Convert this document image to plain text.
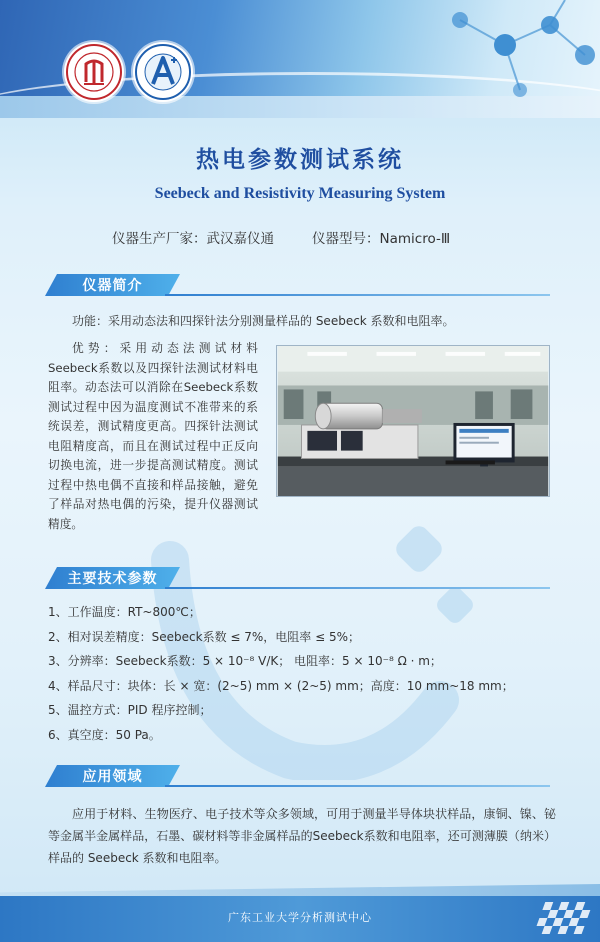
热电参数测试系统
Seebeck and Resistivity Measuring System
仪器生产厂家：武汉嘉仪通	仪器型号：Namicro-Ⅲ
仪器简介
功能：采用动态法和四探针法分别测量样品的 Seebeck 系数和电阻率。
优势：采用动态法测试材料Seebeck系数以及四探针法测试材料电阻率。动态法可以消除在Seebeck系数测试过程中因为温度测试不准带来的系统误差，测试精度更高。四探针法测试电阻精度高，而且在测试过程中正反向切换电流，进一步提高测试精度。测试过程中热电偶不直接和样品接触，避免了样品对热电偶的污染，提升仪器测试精度。
主要技术参数
1、工作温度：RT~800℃；
2、相对误差精度：Seebeck系数 ≤ 7%，电阻率 ≤ 5%；
3、分辨率：Seebeck系数：5 × 10⁻⁸ V/K； 电阻率：5 × 10⁻⁸ Ω · m；
4、样品尺寸：块体：长 × 宽：(2~5) mm × (2~5) mm；高度：10 mm~18 mm；
5、温控方式：PID 程序控制；
6、真空度：50 Pa。
应用领域
应用于材料、生物医疗、电子技术等众多领域，可用于测量半导体块状样品，康铜、镍、铋等金属半金属样品，石墨、碳材料等非金属样品的Seebeck系数和电阻率，还可测薄膜（纳米）样品的 Seebeck 系数和电阻率。
广东工业大学分析测试中心
